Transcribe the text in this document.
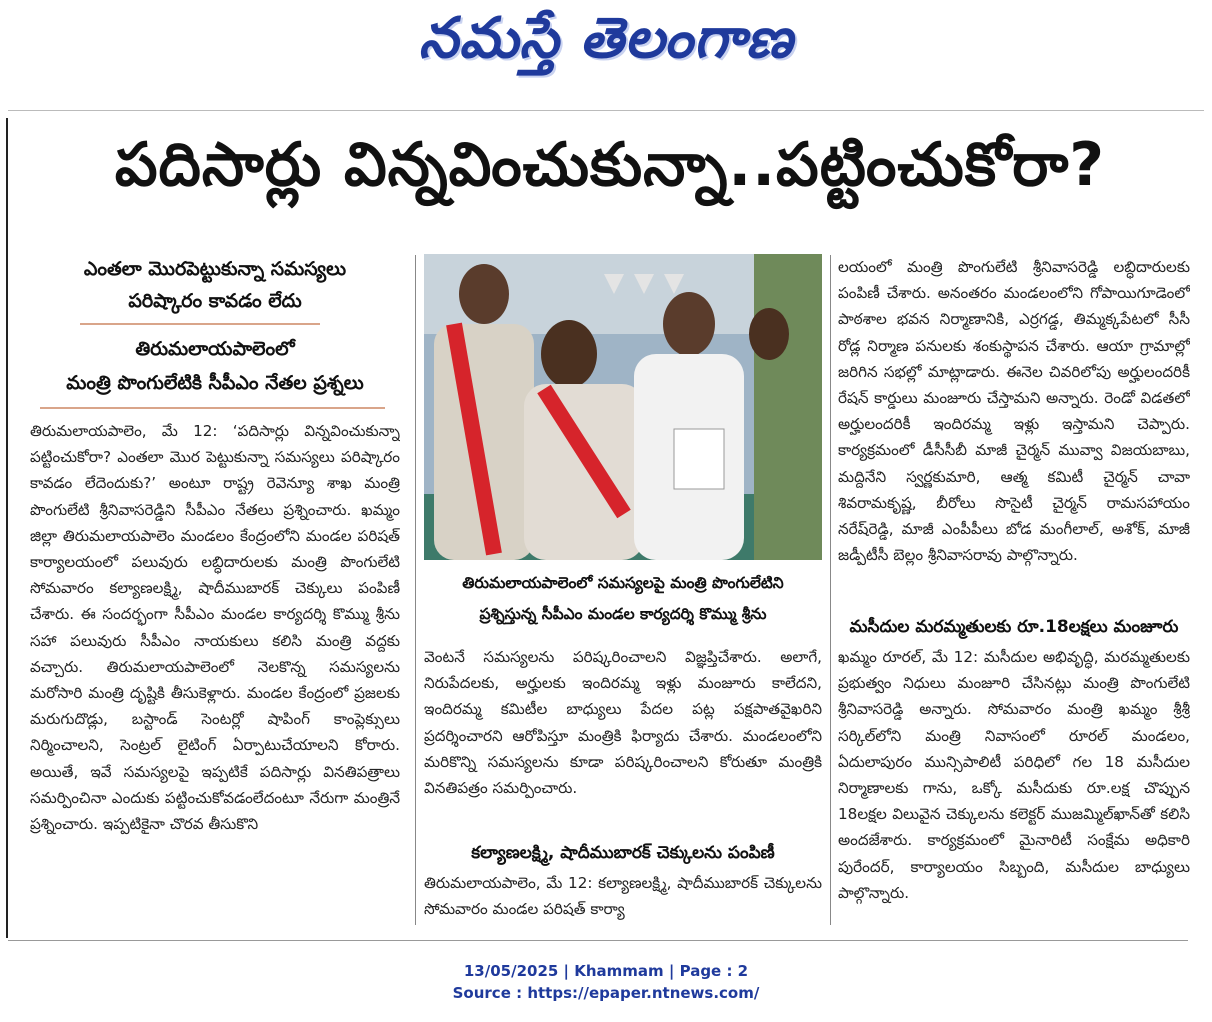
నమస్తే తెలంగాణ
పదిసార్లు విన్నవించుకున్నా..పట్టించుకోరా?
ఎంతలా మొరపెట్టుకున్నా సమస్యలు
పరిష్కారం కావడం లేదు
తిరుమలాయపాలెంలో
మంత్రి పొంగులేటికి సీపీఎం నేతల ప్రశ్నలు

తిరుమలాయపాలెం, మే 12: ‘పదిసార్లు విన్నవించుకున్నా పట్టించుకోరా? ఎంతలా మొర పెట్టుకున్నా సమస్యలు పరిష్కారం కావడం లేదెందుకు?’ అంటూ రాష్ట్ర రెవెన్యూ శాఖ మంత్రి పొంగులేటి శ్రీనివాసరెడ్డిని సీపీఎం నేతలు ప్రశ్నించారు. ఖమ్మం జిల్లా తిరుమలాయపాలెం మండలం కేంద్రంలోని మండల పరిషత్ కార్యాలయంలో పలువురు లబ్ధిదారులకు మంత్రి పొంగులేటి సోమవారం కల్యాణలక్ష్మి, షాదీముబారక్ చెక్కులు పంపిణీ చేశారు. ఈ సందర్భంగా సీపీఎం మండల కార్యదర్శి కొమ్ము శ్రీను సహా పలువురు సీపీఎం నాయకులు కలిసి మంత్రి వద్దకు వచ్చారు. తిరుమలాయపాలెంలో నెలకొన్న సమస్యలను మరోసారి మంత్రి దృష్టికి తీసుకెళ్లారు. మండల కేంద్రంలో ప్రజలకు మరుగుదొడ్లు, బస్టాండ్ సెంటర్లో షాపింగ్ కాంప్లెక్సులు నిర్మించాలని, సెంట్రల్ లైటింగ్ ఏర్పాటుచేయాలని కోరారు. అయితే, ఇవే సమస్యలపై ఇప్పటికే పదిసార్లు వినతిపత్రాలు సమర్పించినా ఎందుకు పట్టించుకోవడంలేదంటూ నేరుగా మంత్రినే ప్రశ్నించారు. ఇప్పటికైనా చొరవ తీసుకొని

తిరుమలాయపాలెంలో సమస్యలపై మంత్రి పొంగులేటిని
ప్రశ్నిస్తున్న సీపీఎం మండల కార్యదర్శి కొమ్ము శ్రీను

వెంటనే సమస్యలను పరిష్కరించాలని విజ్ఞప్తిచేశారు. అలాగే, నిరుపేదలకు, అర్హులకు ఇందిరమ్మ ఇళ్లు మంజూరు కాలేదని, ఇందిరమ్మ కమిటీల బాధ్యులు పేదల పట్ల పక్షపాతవైఖరిని ప్రదర్శించారని ఆరోపిస్తూ మంత్రికి ఫిర్యాదు చేశారు. మండలంలోని మరికొన్ని సమస్యలను కూడా పరిష్కరించాలని కోరుతూ మంత్రికి వినతిపత్రం సమర్పించారు.

కల్యాణలక్ష్మి, షాదీముబారక్ చెక్కులను పంపిణీ

తిరుమలాయపాలెం, మే 12: కల్యాణలక్ష్మి, షాదీముబారక్ చెక్కులను సోమవారం మండల పరిషత్ కార్యా

లయంలో మంత్రి పొంగులేటి శ్రీనివాసరెడ్డి లబ్ధిదారులకు పంపిణీ చేశారు. అనంతరం మండలంలోని గోపాయిగూడెంలో పాఠశాల భవన నిర్మాణానికి, ఎర్రగడ్డ, తిమ్మక్కపేటలో సీసీ రోడ్ల నిర్మాణ పనులకు శంకుస్థాపన చేశారు. ఆయా గ్రామాల్లో జరిగిన సభల్లో మాట్లాడారు. ఈనెల చివరిలోపు అర్హులందరికీ రేషన్ కార్డులు మంజూరు చేస్తామని అన్నారు. రెండో విడతలో అర్హులందరికీ ఇందిరమ్మ ఇళ్లు ఇస్తామని చెప్పారు. కార్యక్రమంలో డీసీసీబీ మాజీ చైర్మన్ మువ్వా విజయబాబు, మద్దినేని స్వర్ణకుమారి, ఆత్మ కమిటీ చైర్మన్ చావా శివరామకృష్ణ, బీరోలు సొసైటీ చైర్మన్ రామసహాయం నరేష్‌రెడ్డి, మాజీ ఎంపీపీలు బోడ మంగీలాల్, అశోక్, మాజీ జడ్పీటీసీ బెల్లం శ్రీనివాసరావు పాల్గొన్నారు.

మసీదుల మరమ్మతులకు రూ.18లక్షలు మంజూరు

ఖమ్మం రూరల్, మే 12: మసీదుల అభివృద్ధి, మరమ్మతులకు ప్రభుత్వం నిధులు మంజూరి చేసినట్లు మంత్రి పొంగులేటి శ్రీనివాసరెడ్డి అన్నారు. సోమవారం మంత్రి ఖమ్మం శ్రీశ్రీ సర్కిల్‌లోని మంత్రి నివాసంలో రూరల్ మండలం, ఏదులాపురం మున్సిపాలిటీ పరిధిలో గల 18 మసీదుల నిర్మాణాలకు గాను, ఒక్కో మసీదుకు రూ.లక్ష చొప్పున 18లక్షల విలువైన చెక్కులను కలెక్టర్ ముజమ్మిల్‌ఖాన్‌తో కలిసి అందజేశారు. కార్యక్రమంలో మైనారిటీ సంక్షేమ అధికారి పురేందర్, కార్యాలయం సిబ్బంది, మసీదుల బాధ్యులు పాల్గొన్నారు.

13/05/2025 | Khammam | Page : 2
Source : https://epaper.ntnews.com/
